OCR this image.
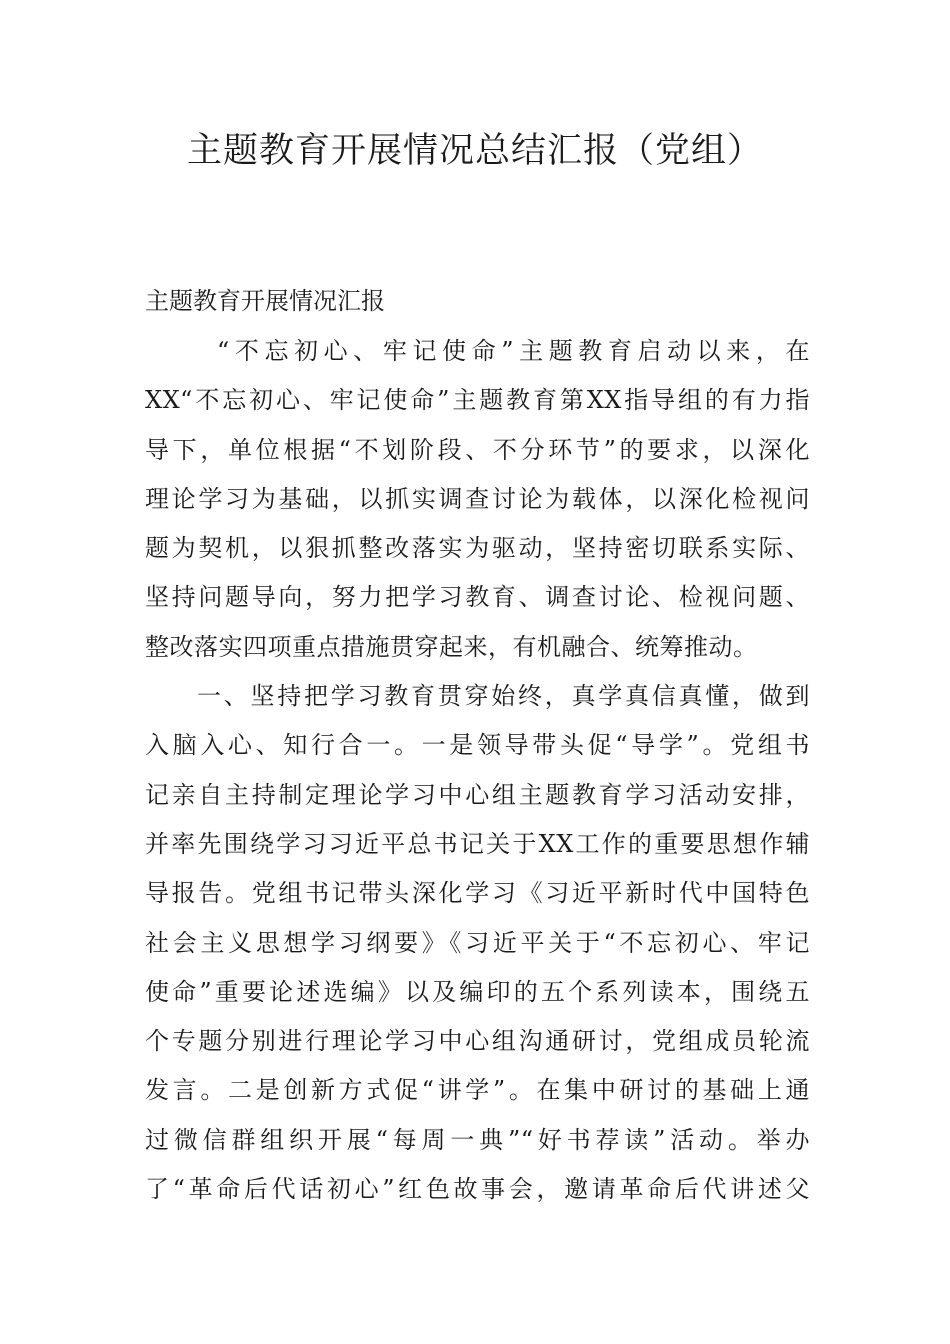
主题教育开展情况总结汇报（党组）

主题教育开展情况汇报

“不忘初心、牢记使命”主题教育启动以来，在
XX“不忘初心、牢记使命”主题教育第XX指导组的有力指
导下，单位根据“不划阶段、不分环节”的要求，以深化
理论学习为基础，以抓实调查讨论为载体，以深化检视问
题为契机，以狠抓整改落实为驱动，坚持密切联系实际、
坚持问题导向，努力把学习教育、调查讨论、检视问题、
整改落实四项重点措施贯穿起来，有机融合、统筹推动。
一、坚持把学习教育贯穿始终，真学真信真懂，做到
入脑入心、知行合一。一是领导带头促“导学”。党组书
记亲自主持制定理论学习中心组主题教育学习活动安排，
并率先围绕学习习近平总书记关于XX工作的重要思想作辅
导报告。党组书记带头深化学习《习近平新时代中国特色
社会主义思想学习纲要》《习近平关于“不忘初心、牢记
使命”重要论述选编》以及编印的五个系列读本，围绕五
个专题分别进行理论学习中心组沟通研讨，党组成员轮流
发言。二是创新方式促“讲学”。在集中研讨的基础上通
过微信群组织开展“每周一典”“好书荐读”活动。举办
了“革命后代话初心”红色故事会，邀请革命后代讲述父
